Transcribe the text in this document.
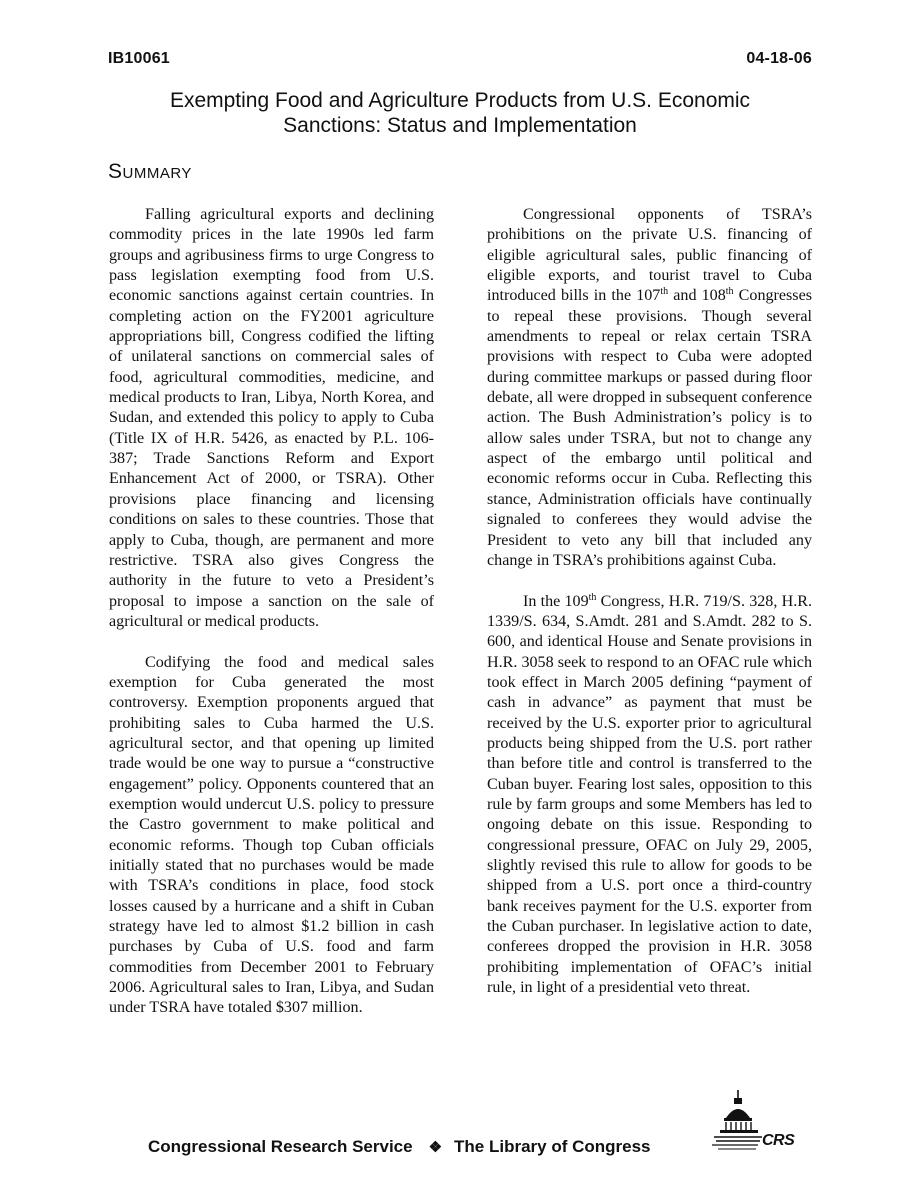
IB10061	04-18-06
Exempting Food and Agriculture Products from U.S. Economic
Sanctions: Status and Implementation
Summary

Falling agricultural exports and declining commodity prices in the late 1990s led farm groups and agribusiness firms to urge Congress to pass legislation exempting food from U.S. economic sanctions against certain countries. In completing action on the FY2001 agriculture appropriations bill, Congress codified the lifting of unilateral sanctions on commercial sales of food, agricultural commodities, medicine, and medical products to Iran, Libya, North Korea, and Sudan, and extended this policy to apply to Cuba (Title IX of H.R. 5426, as enacted by P.L. 106-387; Trade Sanctions Reform and Export Enhancement Act of 2000, or TSRA). Other provisions place financing and licensing conditions on sales to these countries. Those that apply to Cuba, though, are permanent and more restrictive. TSRA also gives Congress the authority in the future to veto a President’s proposal to impose a sanction on the sale of agricultural or medical products.

Codifying the food and medical sales exemption for Cuba generated the most controversy. Exemption proponents argued that prohibiting sales to Cuba harmed the U.S. agricultural sector, and that opening up limited trade would be one way to pursue a “constructive engagement” policy. Opponents countered that an exemption would undercut U.S. policy to pressure the Castro government to make political and economic reforms. Though top Cuban officials initially stated that no purchases would be made with TSRA’s conditions in place, food stock losses caused by a hurricane and a shift in Cuban strategy have led to almost $1.2 billion in cash purchases by Cuba of U.S. food and farm commodities from December 2001 to February 2006. Agricultural sales to Iran, Libya, and Sudan under TSRA have totaled $307 million.

Congressional opponents of TSRA’s prohibitions on the private U.S. financing of eligible agricultural sales, public financing of eligible exports, and tourist travel to Cuba introduced bills in the 107th and 108th Congresses to repeal these provisions. Though several amendments to repeal or relax certain TSRA provisions with respect to Cuba were adopted during committee markups or passed during floor debate, all were dropped in subsequent conference action. The Bush Administration’s policy is to allow sales under TSRA, but not to change any aspect of the embargo until political and economic reforms occur in Cuba. Reflecting this stance, Administration officials have continually signaled to conferees they would advise the President to veto any bill that included any change in TSRA’s prohibitions against Cuba.

In the 109th Congress, H.R. 719/S. 328, H.R. 1339/S. 634, S.Amdt. 281 and S.Amdt. 282 to S. 600, and identical House and Senate provisions in H.R. 3058 seek to respond to an OFAC rule which took effect in March 2005 defining “payment of cash in advance” as payment that must be received by the U.S. exporter prior to agricultural products being shipped from the U.S. port rather than before title and control is transferred to the Cuban buyer. Fearing lost sales, opposition to this rule by farm groups and some Members has led to ongoing debate on this issue. Responding to congressional pressure, OFAC on July 29, 2005, slightly revised this rule to allow for goods to be shipped from a U.S. port once a third-country bank receives payment for the U.S. exporter from the Cuban purchaser. In legislative action to date, conferees dropped the provision in H.R. 3058 prohibiting implementation of OFAC’s initial rule, in light of a presidential veto threat.

Congressional Research Service ❖ The Library of Congress	CRS
